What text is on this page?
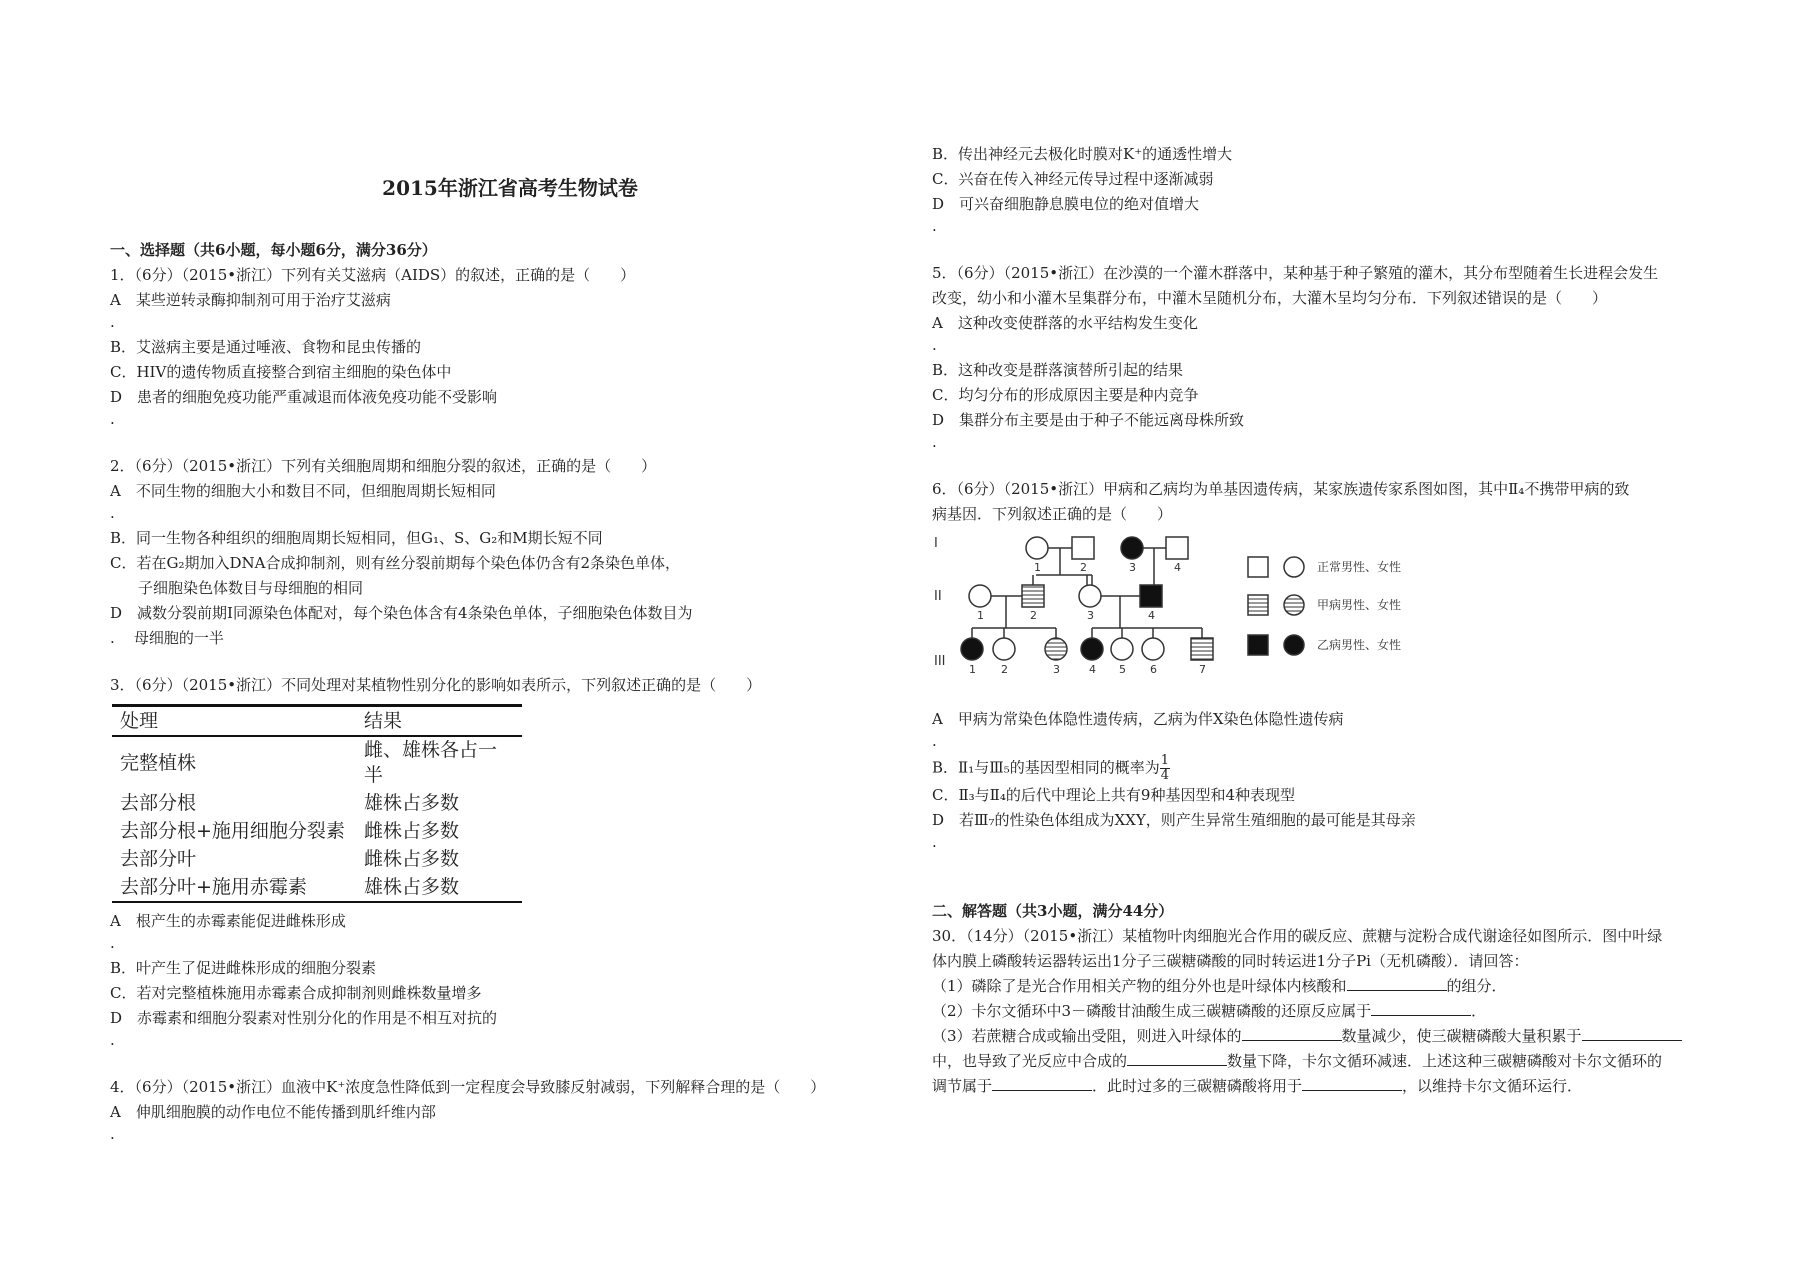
2015年浙江省高考生物试卷

一、选择题（共6小题，每小题6分，满分36分）

1．（6分）（2015•浙江）下列有关艾滋病（AIDS）的叙述，正确的是（　　）

A　某些逆转录酶抑制剂可用于治疗艾滋病

.

B．艾滋病主要是通过唾液、食物和昆虫传播的

C．HIV的遗传物质直接整合到宿主细胞的染色体中

D　患者的细胞免疫功能严重减退而体液免疫功能不受影响

.

2．（6分）（2015•浙江）下列有关细胞周期和细胞分裂的叙述，正确的是（　　）

A　不同生物的细胞大小和数目不同，但细胞周期长短相同

.

B．同一生物各种组织的细胞周期长短相同，但G₁、S、G₂和M期长短不同

C．若在G₂期加入DNA合成抑制剂，则有丝分裂前期每个染色体仍含有2条染色单体，

子细胞染色体数目与母细胞的相同

D　减数分裂前期I同源染色体配对，每个染色体含有4条染色单体，子细胞染色体数目为

.    母细胞的一半

3．（6分）（2015•浙江）不同处理对某植物性别分化的影响如表所示，下列叙述正确的是（　　）

处理	结果
完整植株	雌、雄株各占一半
去部分根	雄株占多数
去部分根+施用细胞分裂素	雌株占多数
去部分叶	雌株占多数
去部分叶+施用赤霉素	雄株占多数

A　根产生的赤霉素能促进雌株形成

.

B．叶产生了促进雌株形成的细胞分裂素

C．若对完整植株施用赤霉素合成抑制剂则雌株数量增多

D　赤霉素和细胞分裂素对性别分化的作用是不相互对抗的

.

4．（6分）（2015•浙江）血液中K⁺浓度急性降低到一定程度会导致膝反射减弱，下列解释合理的是（　　）

A　伸肌细胞膜的动作电位不能传播到肌纤维内部

.

B．传出神经元去极化时膜对K⁺的通透性增大

C．兴奋在传入神经元传导过程中逐渐减弱

D　可兴奋细胞静息膜电位的绝对值增大

.

5．（6分）（2015•浙江）在沙漠的一个灌木群落中，某种基于种子繁殖的灌木，其分布型随着生长进程会发生

改变，幼小和小灌木呈集群分布，中灌木呈随机分布，大灌木呈均匀分布．下列叙述错误的是（　　）

A　这种改变使群落的水平结构发生变化

.

B．这种改变是群落演替所引起的结果

C．均匀分布的形成原因主要是种内竞争

D　集群分布主要是由于种子不能远离母株所致

.

6．（6分）（2015•浙江）甲病和乙病均为单基因遗传病，某家族遗传家系图如图，其中Ⅱ₄不携带甲病的致

病基因．下列叙述正确的是（　　）

I
II
III
1	2	3	4
1	2	3	4
1 2	3	4 5 6	7
正常男性、女性
甲病男性、女性
乙病男性、女性

A　甲病为常染色体隐性遗传病，乙病为伴X染色体隐性遗传病

.

B．Ⅱ₁与Ⅲ₅的基因型相同的概率为 $\frac{1}{4}$

C．Ⅱ₃与Ⅱ₄的后代中理论上共有9种基因型和4种表现型

D　若Ⅲ₇的性染色体组成为XXY，则产生异常生殖细胞的最可能是其母亲

.

二、解答题（共3小题，满分44分）

30．（14分）（2015•浙江）某植物叶肉细胞光合作用的碳反应、蔗糖与淀粉合成代谢途径如图所示．图中叶绿

体内膜上磷酸转运器转运出1分子三碳糖磷酸的同时转运进1分子Pi（无机磷酸）．请回答：

（1）磷除了是光合作用相关产物的组分外也是叶绿体内核酸和	的组分．

（2）卡尔文循环中3－磷酸甘油酸生成三碳糖磷酸的还原反应属于	．

（3）若蔗糖合成或输出受阻，则进入叶绿体的	数量减少，使三碳糖磷酸大量积累于

中，也导致了光反应中合成的	数量下降，卡尔文循环减速．上述这种三碳糖磷酸对卡尔文循环的

调节属于	．此时过多的三碳糖磷酸将用于	，以维持卡尔文循环运行．
